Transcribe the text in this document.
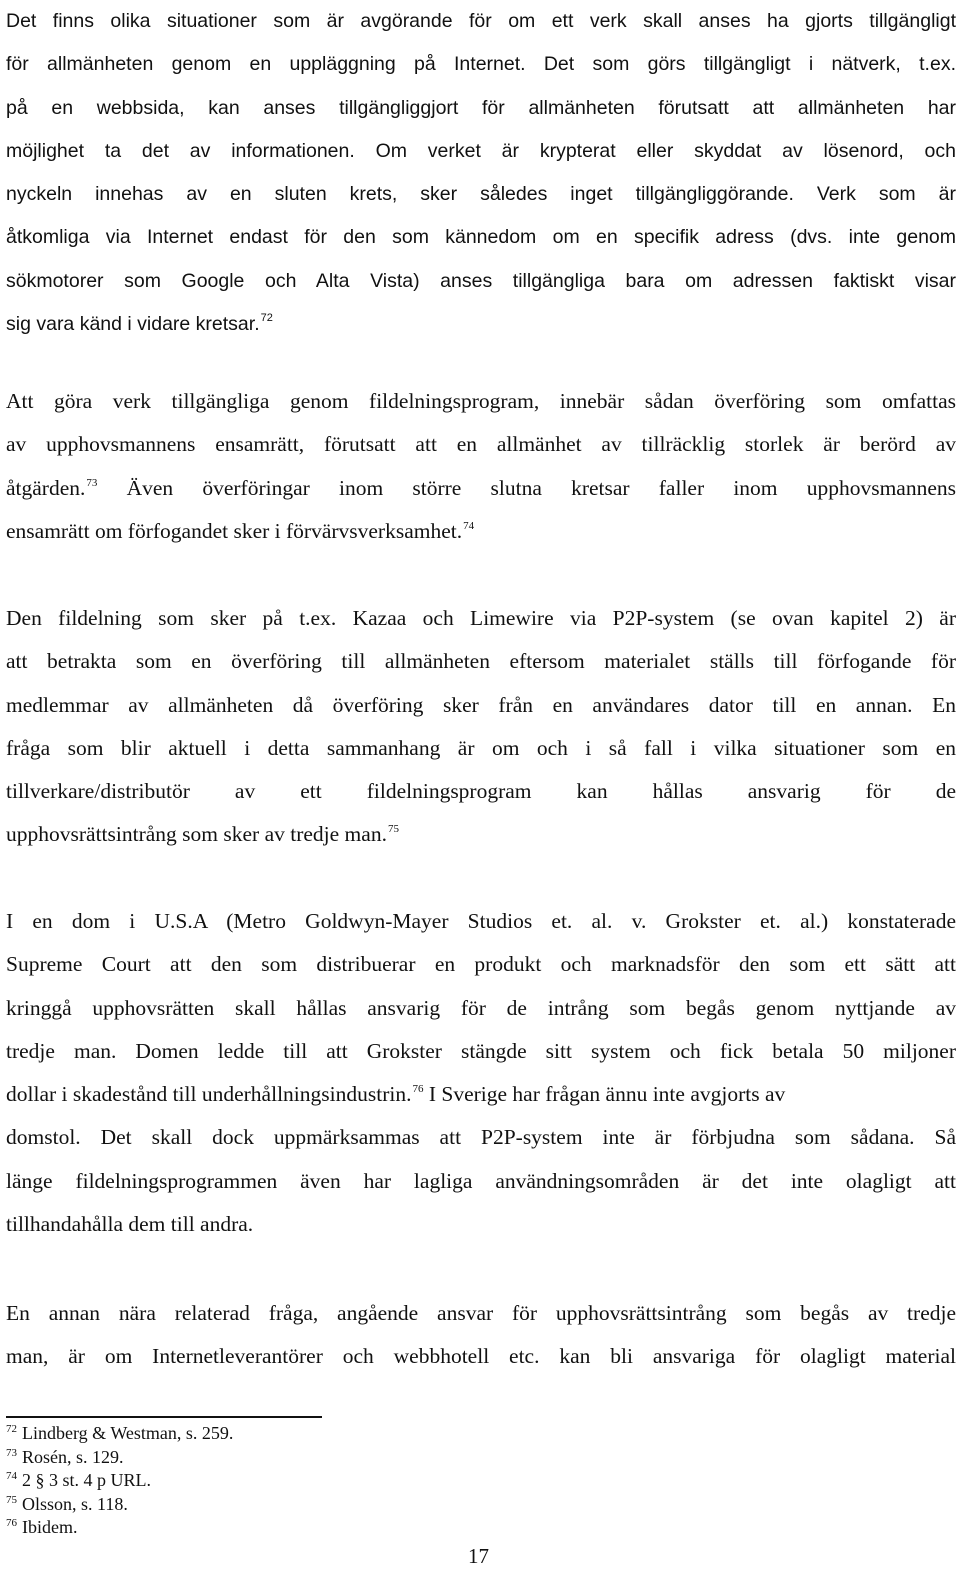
Det finns olika situationer som är avgörande för om ett verk skall anses ha gjorts tillgängligt
för allmänheten genom en uppläggning på Internet. Det som görs tillgängligt i nätverk, t.ex.
på en webbsida, kan anses tillgängliggjort för allmänheten förutsatt att allmänheten har
möjlighet ta det av informationen. Om verket är krypterat eller skyddat av lösenord, och
nyckeln innehas av en sluten krets, sker således inget tillgängliggörande. Verk som är
åtkomliga via Internet endast för den som kännedom om en specifik adress (dvs. inte genom
sökmotorer som Google och Alta Vista) anses tillgängliga bara om adressen faktiskt visar
sig vara känd i vidare kretsar.$^{72}$
Att göra verk tillgängliga genom fildelningsprogram, innebär sådan överföring som omfattas
av upphovsmannens ensamrätt, förutsatt att en allmänhet av tillräcklig storlek är berörd av
åtgärden.$^{73}$ Även överföringar inom större slutna kretsar faller inom upphovsmannens
ensamrätt om förfogandet sker i förvärvsverksamhet.$^{74}$
Den fildelning som sker på t.ex. Kazaa och Limewire via P2P-system (se ovan kapitel 2) är
att betrakta som en överföring till allmänheten eftersom materialet ställs till förfogande för
medlemmar av allmänheten då överföring sker från en användares dator till en annan. En
fråga som blir aktuell i detta sammanhang är om och i så fall i vilka situationer som en
tillverkare/distributör av ett fildelningsprogram kan hållas ansvarig för de
upphovsrättsintrång som sker av tredje man.$^{75}$
I en dom i U.S.A (Metro Goldwyn-Mayer Studios et. al. v. Grokster et. al.) konstaterade
Supreme Court att den som distribuerar en produkt och marknadsför den som ett sätt att
kringgå upphovsrätten skall hållas ansvarig för de intrång som begås genom nyttjande av
tredje man. Domen ledde till att Grokster stängde sitt system och fick betala 50 miljoner
dollar i skadestånd till underhållningsindustrin.$^{76}$ I Sverige har frågan ännu inte avgjorts av
domstol. Det skall dock uppmärksammas att P2P-system inte är förbjudna som sådana. Så
länge fildelningsprogrammen även har lagliga användningsområden är det inte olagligt att
tillhandahålla dem till andra.
En annan nära relaterad fråga, angående ansvar för upphovsrättsintrång som begås av tredje
man, är om Internetleverantörer och webbhotell etc. kan bli ansvariga för olagligt material
72 Lindberg & Westman, s. 259.
73 Rosén, s. 129.
74 2 § 3 st. 4 p URL.
75 Olsson, s. 118.
76 Ibidem.
17
